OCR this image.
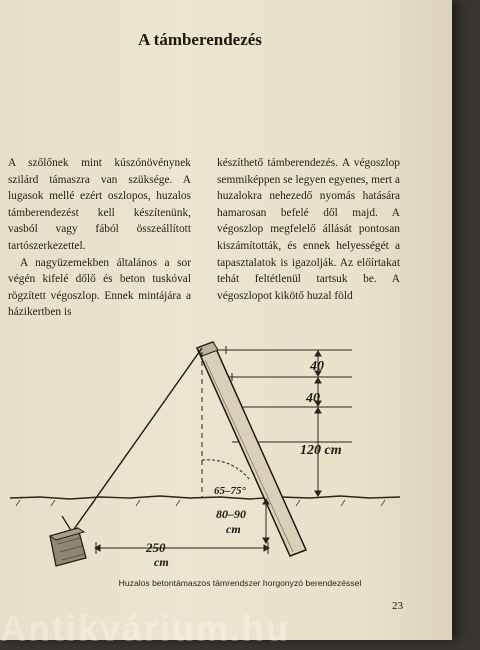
A támberendezés

A szőlőnek mint kúszónövénynek szilárd támaszra van szüksége. A lugasok mellé ezért oszlopos, huzalos támberendezést kell készítenünk, vasból vagy fából összeállított tartószerkezettel.

A nagyüzemekben általános a sor végén kifelé dőlő és beton tuskóval rögzített végoszlop. Ennek mintájára a házikertben is

készíthető támberendezés. A végoszlop semmiképpen se legyen egyenes, mert a huzalokra nehezedő nyomás hatására hamarosan befelé dől majd. A végoszlop megfelelő állását pontosan kiszámították, és ennek helyességét a tapasztalatok is igazolják. Az előírtakat tehát feltétlenül tartsuk be. A végoszlopot kikötő huzal föld

40
40
120 cm
65–75°
80–90
cm
250
cm
Huzalos betontámaszos támrendszer horgonyzó berendezéssel
23
Antikvárium.hu
